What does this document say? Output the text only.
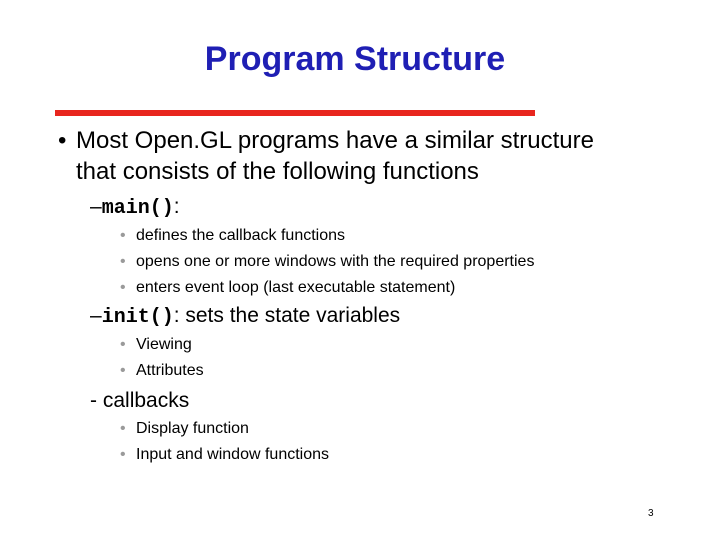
Program Structure
• Most Open.GL programs have a similar structure
that consists of the following functions
–main():
• defines the callback functions
• opens one or more windows with the required properties
• enters event loop (last executable statement)
–init(): sets the state variables
• Viewing
• Attributes
- callbacks
• Display function
• Input and window functions
3
